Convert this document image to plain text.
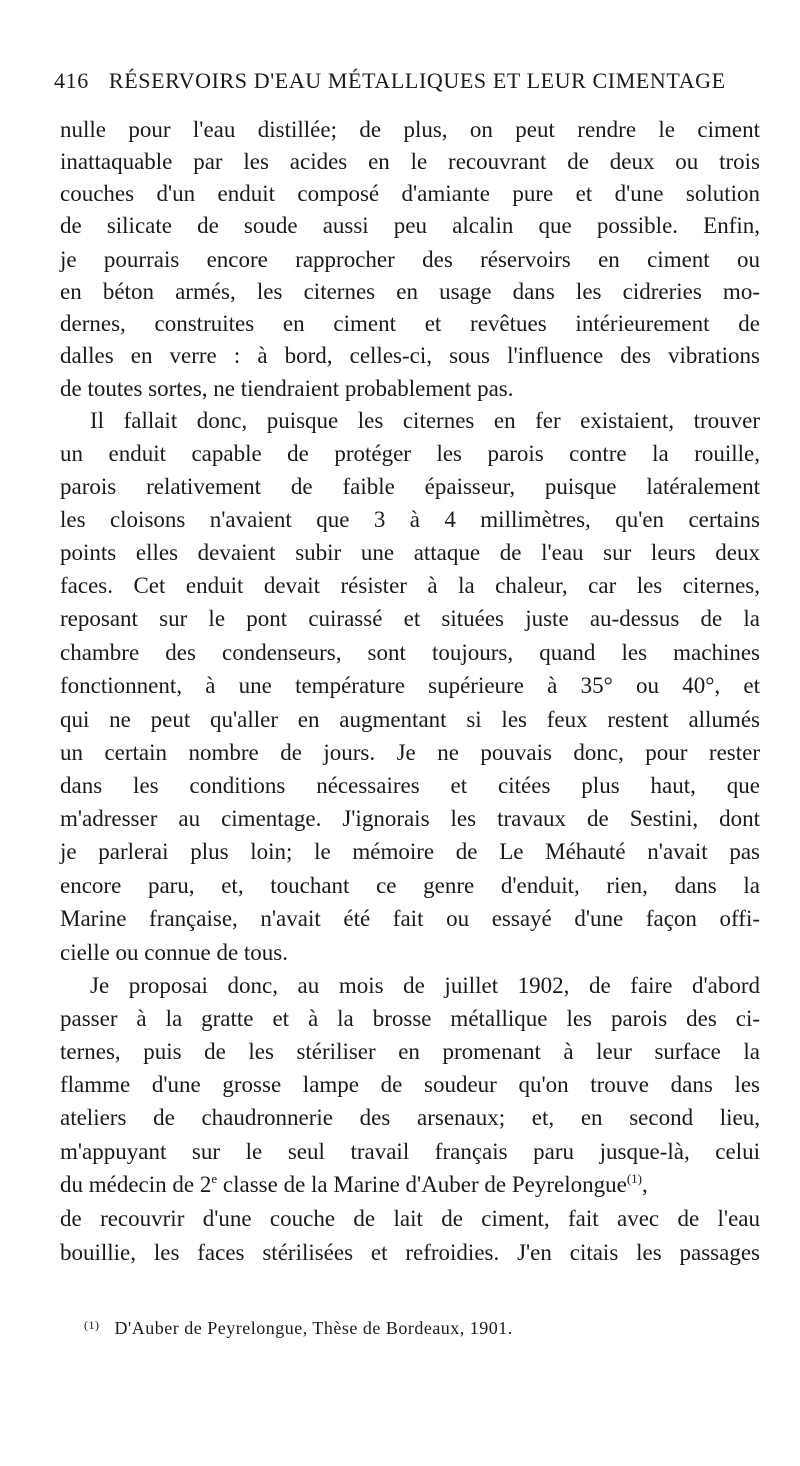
416 RÉSERVOIRS D'EAU MÉTALLIQUES ET LEUR CIMENTAGE
nulle pour l'eau distillée; de plus, on peut rendre le ciment
inattaquable par les acides en le recouvrant de deux ou trois
couches d'un enduit composé d'amiante pure et d'une solution
de silicate de soude aussi peu alcalin que possible. Enfin,
je pourrais encore rapprocher des réservoirs en ciment ou
en béton armés, les citernes en usage dans les cidreries mo-
dernes, construites en ciment et revêtues intérieurement de
dalles en verre : à bord, celles-ci, sous l'influence des vibrations
de toutes sortes, ne tiendraient probablement pas.
Il fallait donc, puisque les citernes en fer existaient, trouver
un enduit capable de protéger les parois contre la rouille,
parois relativement de faible épaisseur, puisque latéralement
les cloisons n'avaient que 3 à 4 millimètres, qu'en certains
points elles devaient subir une attaque de l'eau sur leurs deux
faces. Cet enduit devait résister à la chaleur, car les citernes,
reposant sur le pont cuirassé et situées juste au-dessus de la
chambre des condenseurs, sont toujours, quand les machines
fonctionnent, à une température supérieure à 35° ou 40°, et
qui ne peut qu'aller en augmentant si les feux restent allumés
un certain nombre de jours. Je ne pouvais donc, pour rester
dans les conditions nécessaires et citées plus haut, que
m'adresser au cimentage. J'ignorais les travaux de Sestini, dont
je parlerai plus loin; le mémoire de Le Méhauté n'avait pas
encore paru, et, touchant ce genre d'enduit, rien, dans la
Marine française, n'avait été fait ou essayé d'une façon offi-
cielle ou connue de tous.
Je proposai donc, au mois de juillet 1902, de faire d'abord
passer à la gratte et à la brosse métallique les parois des ci-
ternes, puis de les stériliser en promenant à leur surface la
flamme d'une grosse lampe de soudeur qu'on trouve dans les
ateliers de chaudronnerie des arsenaux; et, en second lieu,
m'appuyant sur le seul travail français paru jusque-là, celui
du médecin de 2e classe de la Marine d'Auber de Peyrelongue$^{(1)}$,
de recouvrir d'une couche de lait de ciment, fait avec de l'eau
bouillie, les faces stérilisées et refroidies. J'en citais les passages
$^{(1)}$ D'Auber de Peyrelongue, Thèse de Bordeaux, 1901.
